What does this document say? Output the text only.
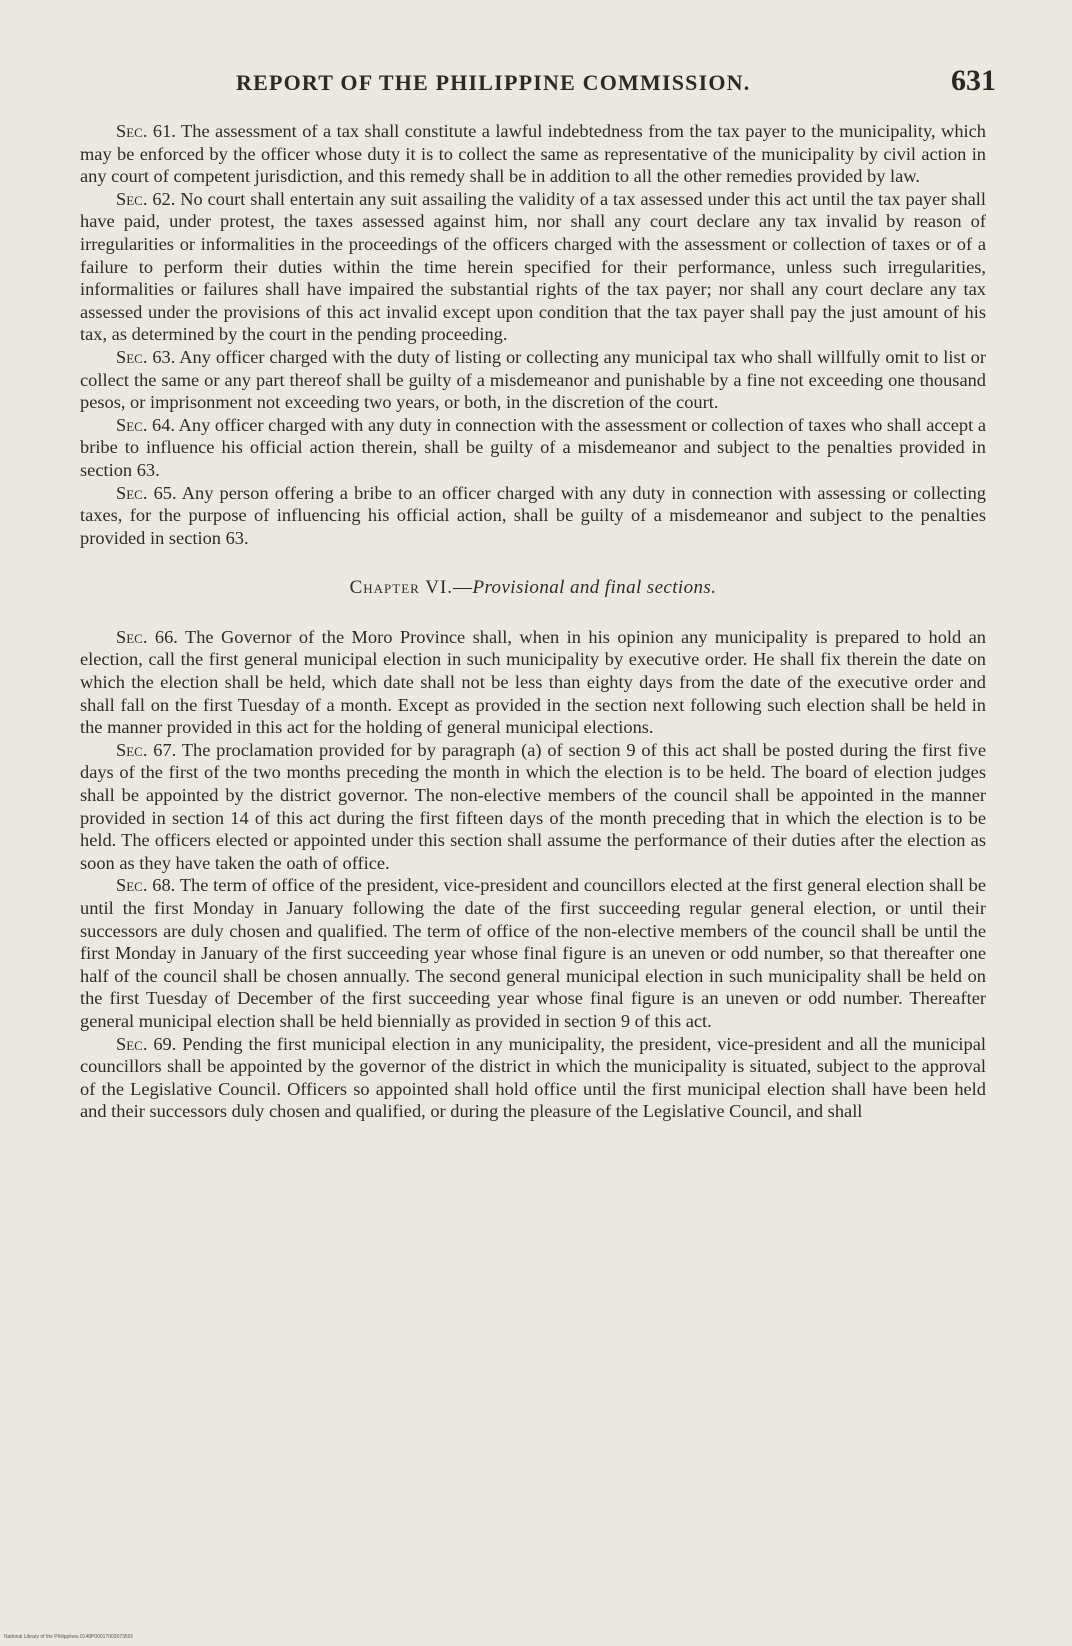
REPORT OF THE PHILIPPINE COMMISSION.	631

Sec. 61. The assessment of a tax shall constitute a lawful indebtedness from the tax payer to the municipality, which may be enforced by the officer whose duty it is to collect the same as representative of the municipality by civil action in any court of competent jurisdiction, and this remedy shall be in addition to all the other remedies provided by law.

Sec. 62. No court shall entertain any suit assailing the validity of a tax assessed under this act until the tax payer shall have paid, under protest, the taxes assessed against him, nor shall any court declare any tax invalid by reason of irregularities or informalities in the proceedings of the officers charged with the assessment or collection of taxes or of a failure to perform their duties within the time herein specified for their performance, unless such irregularities, informalities or failures shall have impaired the substantial rights of the tax payer; nor shall any court declare any tax assessed under the provisions of this act invalid except upon condition that the tax payer shall pay the just amount of his tax, as determined by the court in the pending proceeding.

Sec. 63. Any officer charged with the duty of listing or collecting any municipal tax who shall willfully omit to list or collect the same or any part thereof shall be guilty of a misdemeanor and punishable by a fine not exceeding one thousand pesos, or imprisonment not exceeding two years, or both, in the discretion of the court.

Sec. 64. Any officer charged with any duty in connection with the assessment or collection of taxes who shall accept a bribe to influence his official action therein, shall be guilty of a misdemeanor and subject to the penalties provided in section 63.

Sec. 65. Any person offering a bribe to an officer charged with any duty in connection with assessing or collecting taxes, for the purpose of influencing his official action, shall be guilty of a misdemeanor and subject to the penalties provided in section 63.

Chapter VI.—Provisional and final sections.

Sec. 66. The Governor of the Moro Province shall, when in his opinion any municipality is prepared to hold an election, call the first general municipal election in such municipality by executive order. He shall fix therein the date on which the election shall be held, which date shall not be less than eighty days from the date of the executive order and shall fall on the first Tuesday of a month. Except as provided in the section next following such election shall be held in the manner provided in this act for the holding of general municipal elections.

Sec. 67. The proclamation provided for by paragraph (a) of section 9 of this act shall be posted during the first five days of the first of the two months preceding the month in which the election is to be held. The board of election judges shall be appointed by the district governor. The non-elective members of the council shall be appointed in the manner provided in section 14 of this act during the first fifteen days of the month preceding that in which the election is to be held. The officers elected or appointed under this section shall assume the performance of their duties after the election as soon as they have taken the oath of office.

Sec. 68. The term of office of the president, vice-president and councillors elected at the first general election shall be until the first Monday in January following the date of the first succeeding regular general election, or until their successors are duly chosen and qualified. The term of office of the non-elective members of the council shall be until the first Monday in January of the first succeeding year whose final figure is an uneven or odd number, so that thereafter one half of the council shall be chosen annually. The second general municipal election in such municipality shall be held on the first Tuesday of December of the first succeeding year whose final figure is an uneven or odd number. Thereafter general municipal election shall be held biennially as provided in section 9 of this act.

Sec. 69. Pending the first municipal election in any municipality, the president, vice-president and all the municipal councillors shall be appointed by the governor of the district in which the municipality is situated, subject to the approval of the Legislative Council. Officers so appointed shall hold office until the first municipal election shall have been held and their successors duly chosen and qualified, or during the pleasure of the Legislative Council, and shall

National Library of the Philippines 0148P00017003073591
